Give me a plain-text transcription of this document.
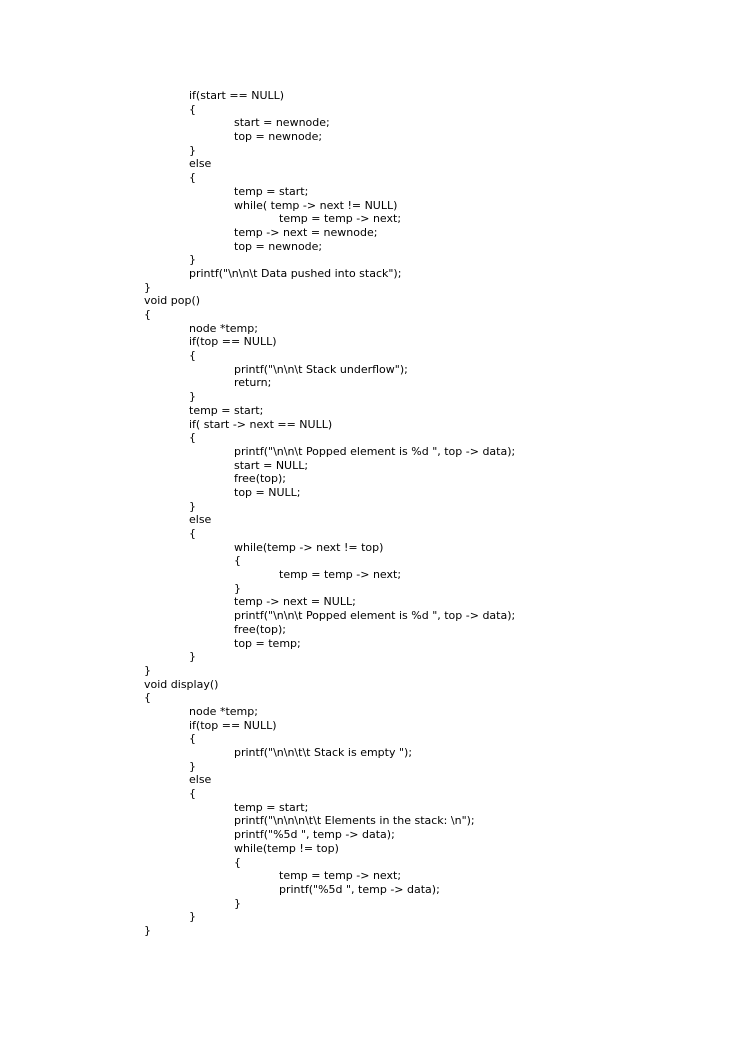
if(start == NULL)
{
start = newnode;
top = newnode;
}
else
{
temp = start;
while( temp -> next != NULL)
temp = temp -> next;
temp -> next = newnode;
top = newnode;
}
printf("\n\n\t Data pushed into stack");
}
void pop()
{
node *temp;
if(top == NULL)
{
printf("\n\n\t Stack underflow");
return;
}
temp = start;
if( start -> next == NULL)
{
printf("\n\n\t Popped element is %d ", top -> data);
start = NULL;
free(top);
top = NULL;
}
else
{
while(temp -> next != top)
{
temp = temp -> next;
}
temp -> next = NULL;
printf("\n\n\t Popped element is %d ", top -> data);
free(top);
top = temp;
}
}
void display()
{
node *temp;
if(top == NULL)
{
printf("\n\n\t\t Stack is empty ");
}
else
{
temp = start;
printf("\n\n\n\t\t Elements in the stack: \n");
printf("%5d ", temp -> data);
while(temp != top)
{
temp = temp -> next;
printf("%5d ", temp -> data);
}
}
}
